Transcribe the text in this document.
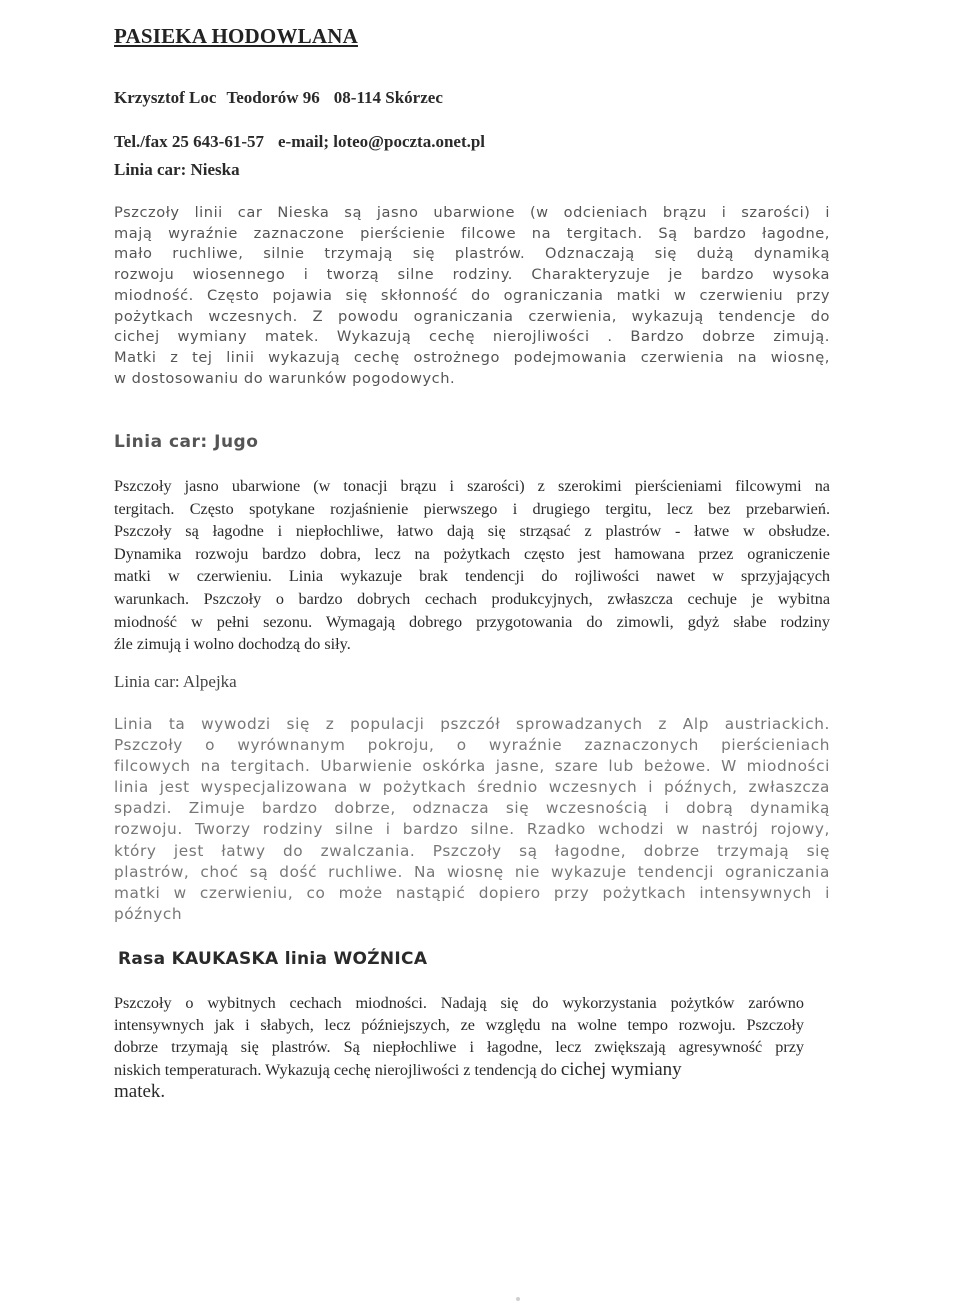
PASIEKA HODOWLANA
Krzysztof Loc Teodorów 96 08-114 Skórzec
Tel./fax 25 643-61-57 e-mail; loteo@poczta.onet.pl
Linia car: Nieska
Pszczoły linii car Nieska są jasno ubarwione (w odcieniach brązu i szarości) i
mają wyraźnie zaznaczone pierścienie filcowe na tergitach. Są bardzo łagodne,
mało ruchliwe, silnie trzymają się plastrów. Odznaczają się dużą dynamiką
rozwoju wiosennego i tworzą silne rodziny. Charakteryzuje je bardzo wysoka
miodność. Często pojawia się skłonność do ograniczania matki w czerwieniu przy
pożytkach wczesnych. Z powodu ograniczania czerwienia, wykazują tendencje do
cichej wymiany matek. Wykazują cechę nierojliwości . Bardzo dobrze zimują.
Matki z tej linii wykazują cechę ostrożnego podejmowania czerwienia na wiosnę,
w dostosowaniu do warunków pogodowych.
Linia car: Jugo
Pszczoły jasno ubarwione (w tonacji brązu i szarości) z szerokimi pierścieniami filcowymi na
tergitach. Często spotykane rozjaśnienie pierwszego i drugiego tergitu, lecz bez przebarwień.
Pszczoły są łagodne i niepłochliwe, łatwo dają się strząsać z plastrów - łatwe w obsłudze.
Dynamika rozwoju bardzo dobra, lecz na pożytkach często jest hamowana przez ograniczenie
matki w czerwieniu. Linia wykazuje brak tendencji do rojliwości nawet w sprzyjających
warunkach. Pszczoły o bardzo dobrych cechach produkcyjnych, zwłaszcza cechuje je wybitna
miodność w pełni sezonu. Wymagają dobrego przygotowania do zimowli, gdyż słabe rodziny
źle zimują i wolno dochodzą do siły.
Linia car: Alpejka
Linia ta wywodzi się z populacji pszczół sprowadzanych z Alp austriackich.
Pszczoły o wyrównanym pokroju, o wyraźnie zaznaczonych pierścieniach
filcowych na tergitach. Ubarwienie oskórka jasne, szare lub beżowe. W miodności
linia jest wyspecjalizowana w pożytkach średnio wczesnych i późnych, zwłaszcza
spadzi. Zimuje bardzo dobrze, odznacza się wczesnością i dobrą dynamiką
rozwoju. Tworzy rodziny silne i bardzo silne. Rzadko wchodzi w nastrój rojowy,
który jest łatwy do zwalczania. Pszczoły są łagodne, dobrze trzymają się
plastrów, choć są dość ruchliwe. Na wiosnę nie wykazuje tendencji ograniczania
matki w czerwieniu, co może nastąpić dopiero przy pożytkach intensywnych i
późnych
Rasa KAUKASKA linia WOŹNICA
Pszczoły o wybitnych cechach miodności. Nadają się do wykorzystania pożytków zarówno
intensywnych jak i słabych, lecz późniejszych, ze względu na wolne tempo rozwoju. Pszczoły
dobrze trzymają się plastrów. Są niepłochliwe i łagodne, lecz zwiększają agresywność przy
niskich temperaturach. Wykazują cechę nierojliwości z tendencją do cichej wymiany
matek.
